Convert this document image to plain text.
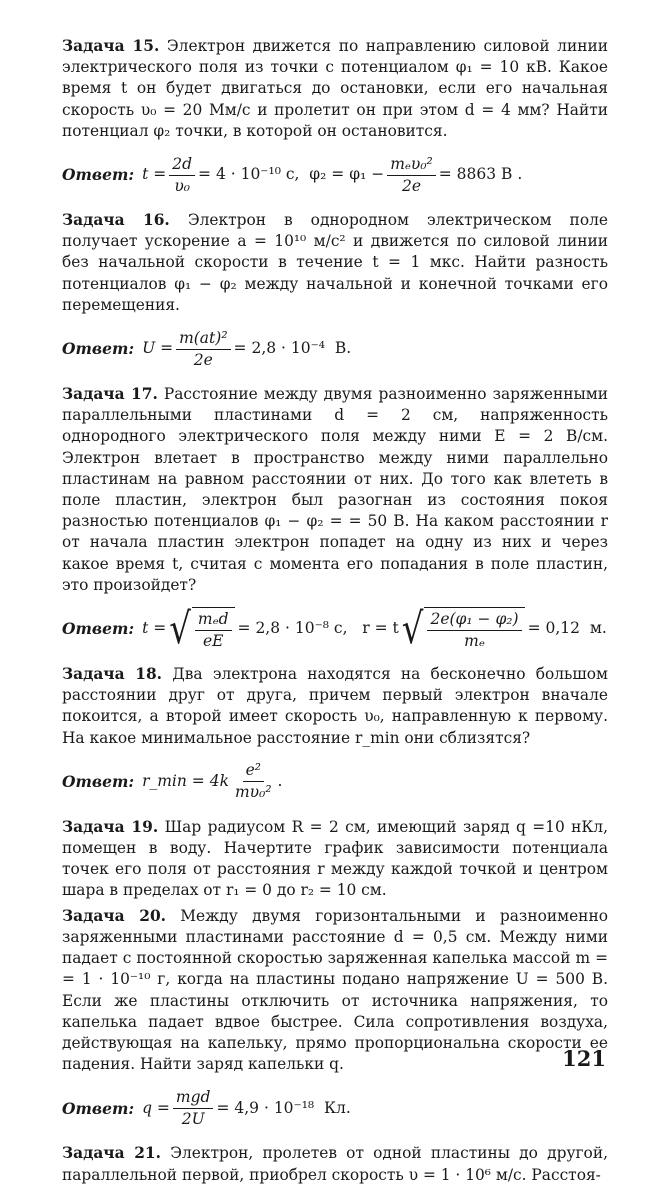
Задача 15. Электрон движется по направлению силовой линии электрического поля из точки с потенциалом φ₁ = 10 кВ. Какое время t он будет двигаться до остановки, если его начальная скорость υ₀ = 20 Мм/с и пролетит он при этом d = 4 мм? Найти потенциал φ₂ точки, в которой он остановится.

Ответ: $t = \frac{2d}{\text{υ₀}} = 4 \cdot 10^{-10}$ с,  $\varphi_2 = \varphi_1 - \frac{\text{mₑυ₀²}}{2e} = 8863$ В .

Задача 16. Электрон в однородном электрическом поле получает ускорение a = 10¹⁰ м/с² и движется по силовой линии без начальной скорости в течение t = 1 мкс. Найти разность потенциалов φ₁ − φ₂ между начальной и конечной точками его перемещения.

Ответ: $U = \frac{\text{m(at)²}}{2e} = 2,8 \cdot 10^{-4}$  В.

Задача 17. Расстояние между двумя разноименно заряженными параллельными пластинами d = 2 см, напряженность однородного электрического поля между ними E = 2 В/см. Электрон влетает в пространство между ними параллельно пластинам на равном расстоянии от них. До того как влететь в поле пластин, электрон был разогнан из состояния покоя разностью потенциалов φ₁ − φ₂ = = 50 В. На каком расстоянии r от начала пластин электрон попадет на одну из них и через какое время t, считая с момента его попадания в поле пластин, это произойдет?

Ответ: t = √ $\frac{\text{mₑd}}{eE} = 2,8 \cdot 10^{-8}$ с,   r = t √ $\frac{\text{2e(φ₁ − φ₂)}}{\text{mₑ}} = 0,12$  м.

Задача 18. Два электрона находятся на бесконечно большом расстоянии друг от друга, причем первый электрон вначале покоится, а второй имеет скорость υ₀, направленную к первому. На какое минимальное расстояние r_min они сблизятся?

Ответ: r_min = $4k \frac{\text{e²}}{\text{mυ₀²}}$ .

Задача 19. Шар радиусом R = 2 см, имеющий заряд q =10 нКл, помещен в воду. Начертите график зависимости потенциала точек его поля от расстояния r между каждой точкой и центром шара в пределах от r₁ = 0 до r₂ = 10 см.

Задача 20. Между двумя горизонтальными и разноименно заряженными пластинами расстояние d = 0,5 см. Между ними падает с постоянной скоростью заряженная капелька массой m = = 1 · 10⁻¹⁰ г, когда на пластины подано напряжение U = 500 В. Если же пластины отключить от источника напряжения, то капелька падает вдвое быстрее. Сила сопротивления воздуха, действующая на капельку, прямо пропорциональна скорости ее падения. Найти заряд капельки q.

Ответ: $q = \frac{\text{mgd}}{2U} = 4,9 \cdot 10^{-18}$  Кл.

Задача 21. Электрон, пролетев от одной пластины до другой, параллельной первой, приобрел скорость υ = 1 · 10⁶ м/с. Расстоя-

121
